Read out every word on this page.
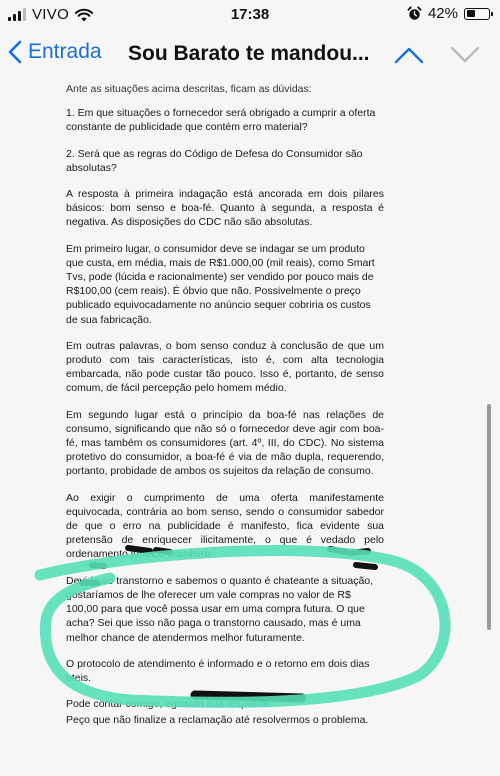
VIVO	17:38	42%
Entrada Sou Barato te mandou...

Ante as situações acima descritas, ficam as dúvidas:

1. Em que situações o fornecedor será obrigado a cumprir a oferta constante de publicidade que contém erro material?

2. Será que as regras do Código de Defesa do Consumidor são absolutas?

A resposta à primeira indagação está ancorada em dois pilares básicos: bom senso e boa-fé. Quanto à segunda, a resposta é negativa. As disposições do CDC não são absolutas.

Em primeiro lugar, o consumidor deve se indagar se um produto que custa, em média, mais de R$1.000,00 (mil reais), como Smart Tvs, pode (lúcida e racionalmente) ser vendido por pouco mais de R$100,00 (cem reais). É óbvio que não. Possivelmente o preço publicado equivocadamente no anúncio sequer cobriria os custos de sua fabricação.

Em outras palavras, o bom senso conduz à conclusão de que um produto com tais características, isto é, com alta tecnologia embarcada, não pode custar tão pouco. Isso é, portanto, de senso comum, de fácil percepção pelo homem médio.

Em segundo lugar está o princípio da boa-fé nas relações de consumo, significando que não só o fornecedor deve agir com boa-fé, mas também os consumidores (art. 4º, III, do CDC). No sistema protetivo do consumidor, a boa-fé é via de mão dupla, requerendo, portanto, probidade de ambos os sujeitos da relação de consumo.

Ao exigir o cumprimento de uma oferta manifestamente equivocada, contrária ao bom senso, sendo o consumidor sabedor de que o erro na publicidade é manifesto, fica evidente sua pretensão de enriquecer ilicitamente, o que é vedado pelo ordenamento jurídico brasileiro.

Devido ao transtorno e sabemos o quanto é chateante a situação, gostaríamos de lhe oferecer um vale compras no valor de R$ 100,00 para que você possa usar em uma compra futura. O que acha? Sei que isso não paga o transtorno causado, mas é uma melhor chance de atendermos melhor futuramente.

O protocolo de atendimento é informado e o retorno em dois dias uteis.

Pode contar comigo, aguardo sua resposta!

Peço que não finalize a reclamação até resolvermos o problema.
